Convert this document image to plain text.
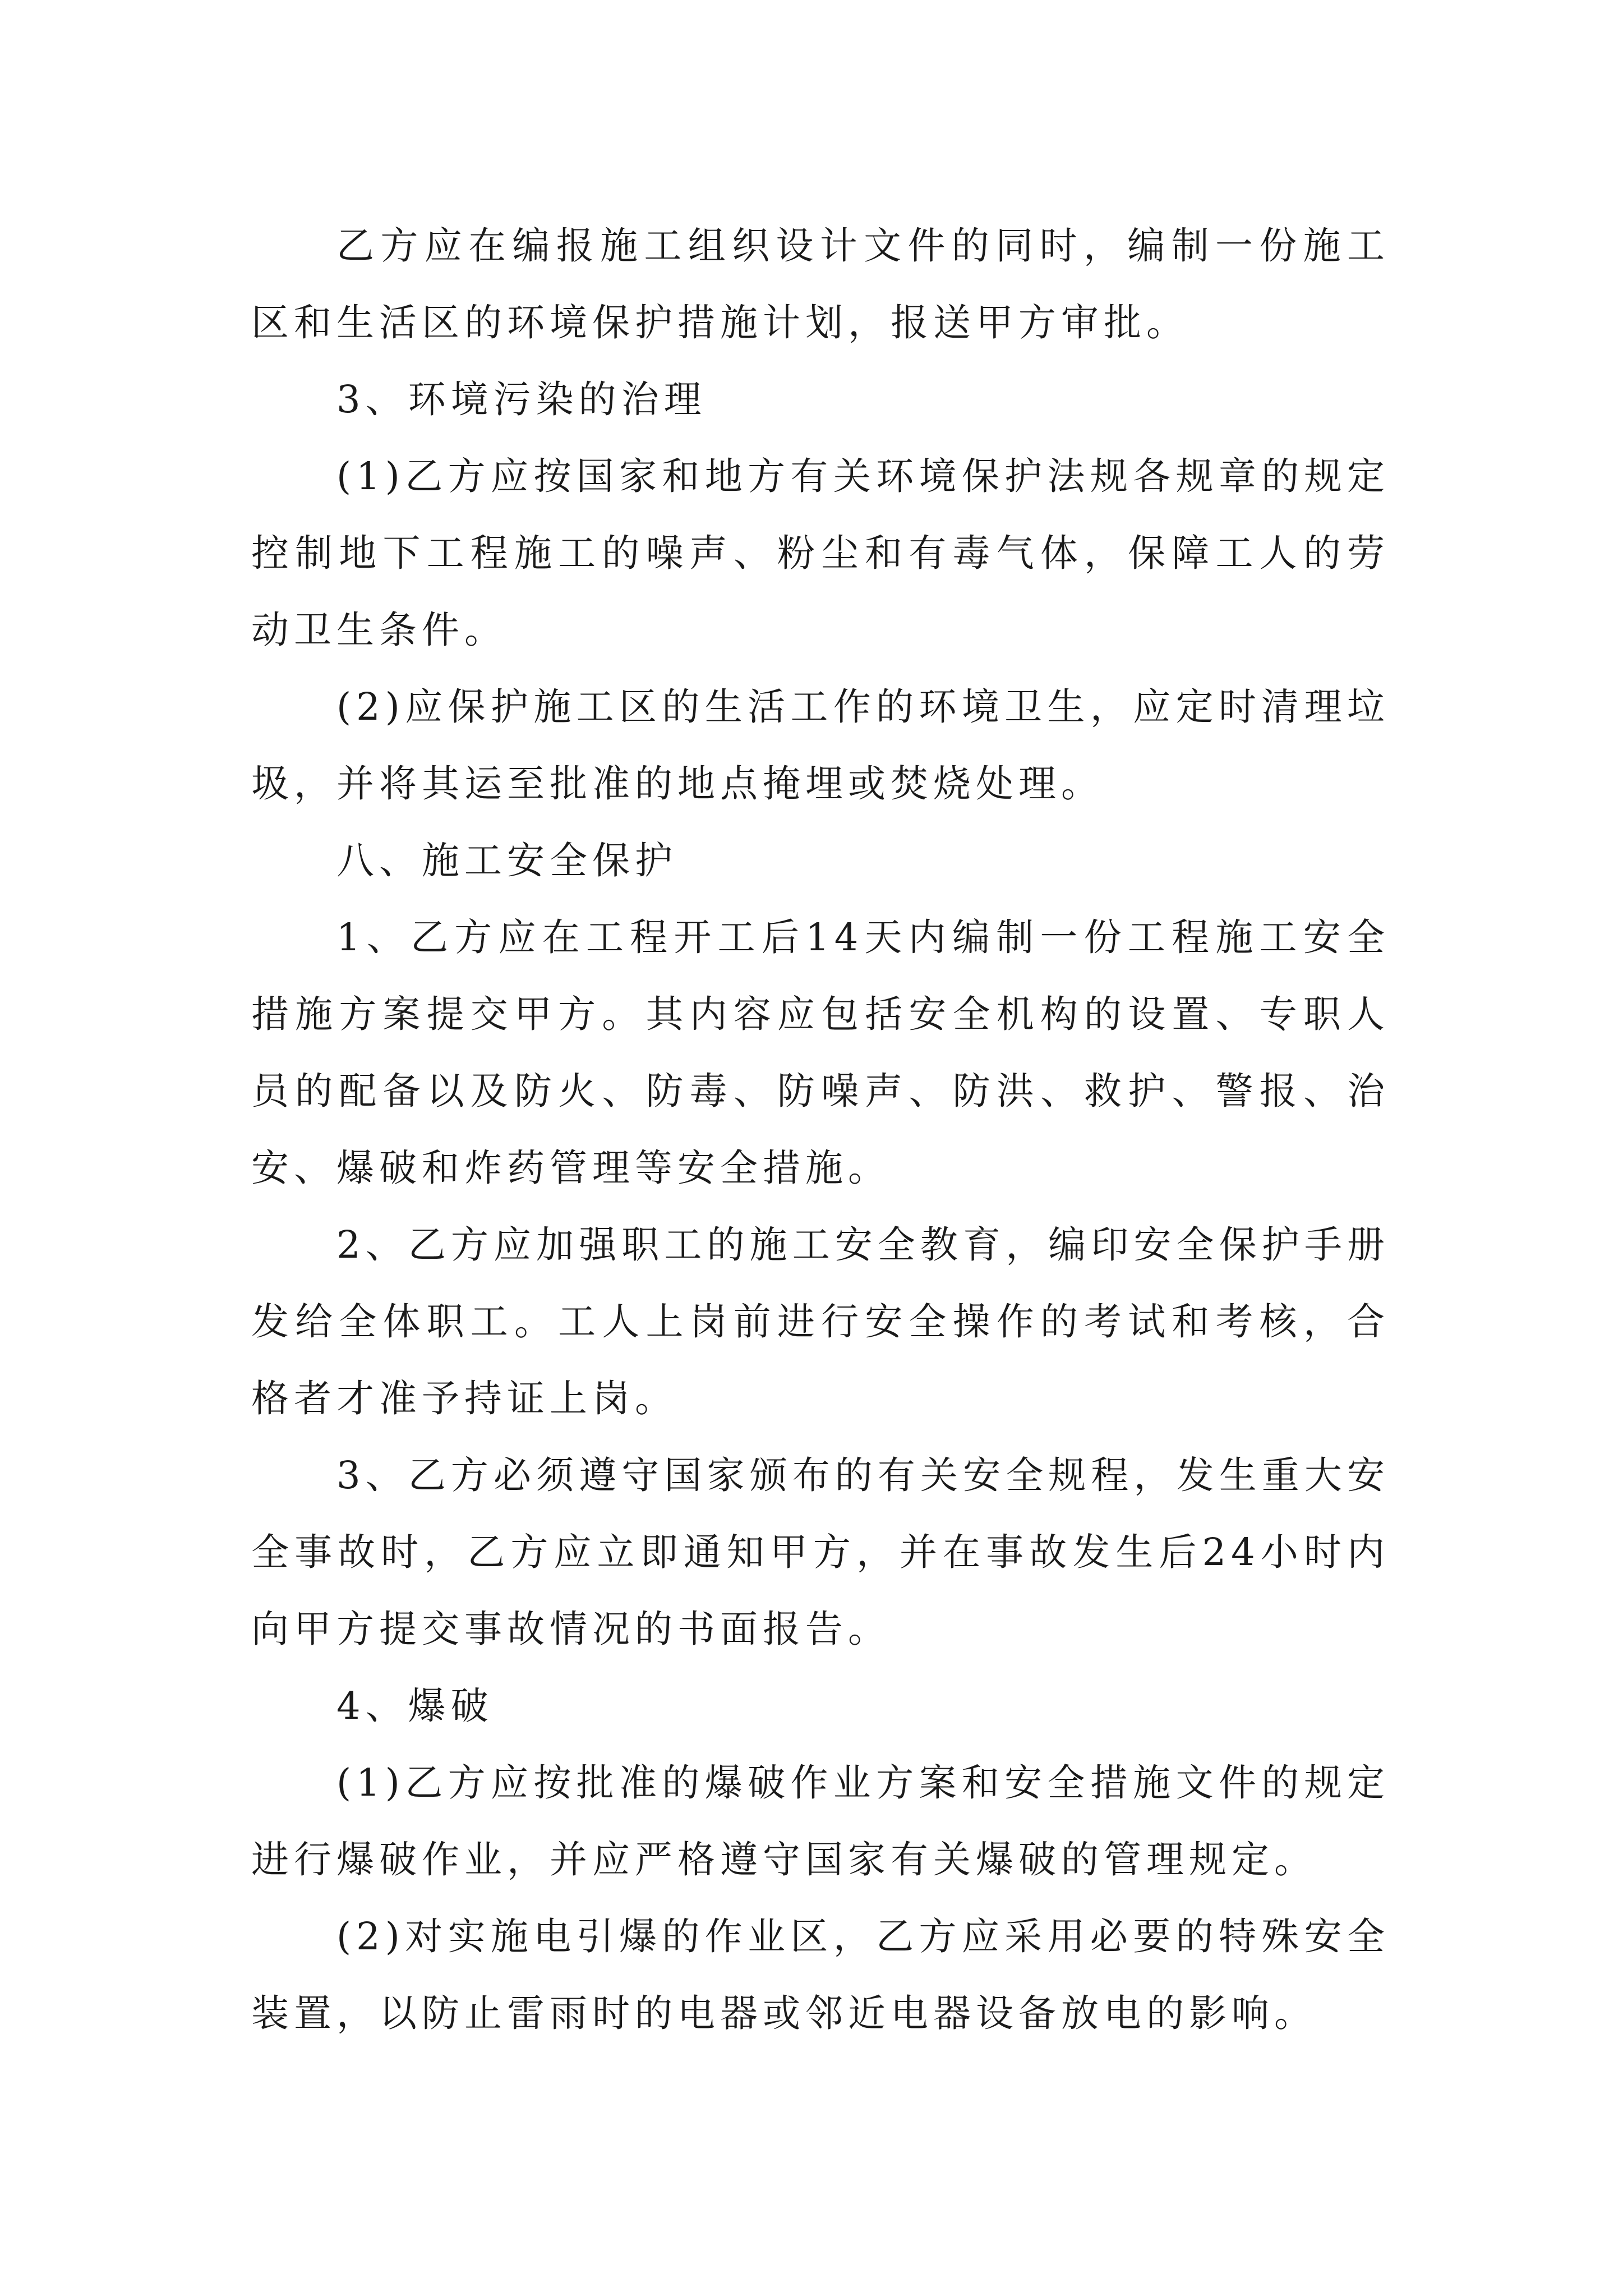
乙方应在编报施工组织设计文件的同时，编制一份施工区和生活区的环境保护措施计划，报送甲方审批。

3、环境污染的治理

(1)乙方应按国家和地方有关环境保护法规各规章的规定控制地下工程施工的噪声、粉尘和有毒气体，保障工人的劳动卫生条件。

(2)应保护施工区的生活工作的环境卫生，应定时清理垃圾，并将其运至批准的地点掩埋或焚烧处理。

八、施工安全保护

1、乙方应在工程开工后14天内编制一份工程施工安全措施方案提交甲方。其内容应包括安全机构的设置、专职人员的配备以及防火、防毒、防噪声、防洪、救护、警报、治安、爆破和炸药管理等安全措施。

2、乙方应加强职工的施工安全教育，编印安全保护手册发给全体职工。工人上岗前进行安全操作的考试和考核，合格者才准予持证上岗。

3、乙方必须遵守国家颁布的有关安全规程，发生重大安全事故时，乙方应立即通知甲方，并在事故发生后24小时内向甲方提交事故情况的书面报告。

4、爆破

(1)乙方应按批准的爆破作业方案和安全措施文件的规定进行爆破作业，并应严格遵守国家有关爆破的管理规定。

(2)对实施电引爆的作业区，乙方应采用必要的特殊安全装置，以防止雷雨时的电器或邻近电器设备放电的影响。
